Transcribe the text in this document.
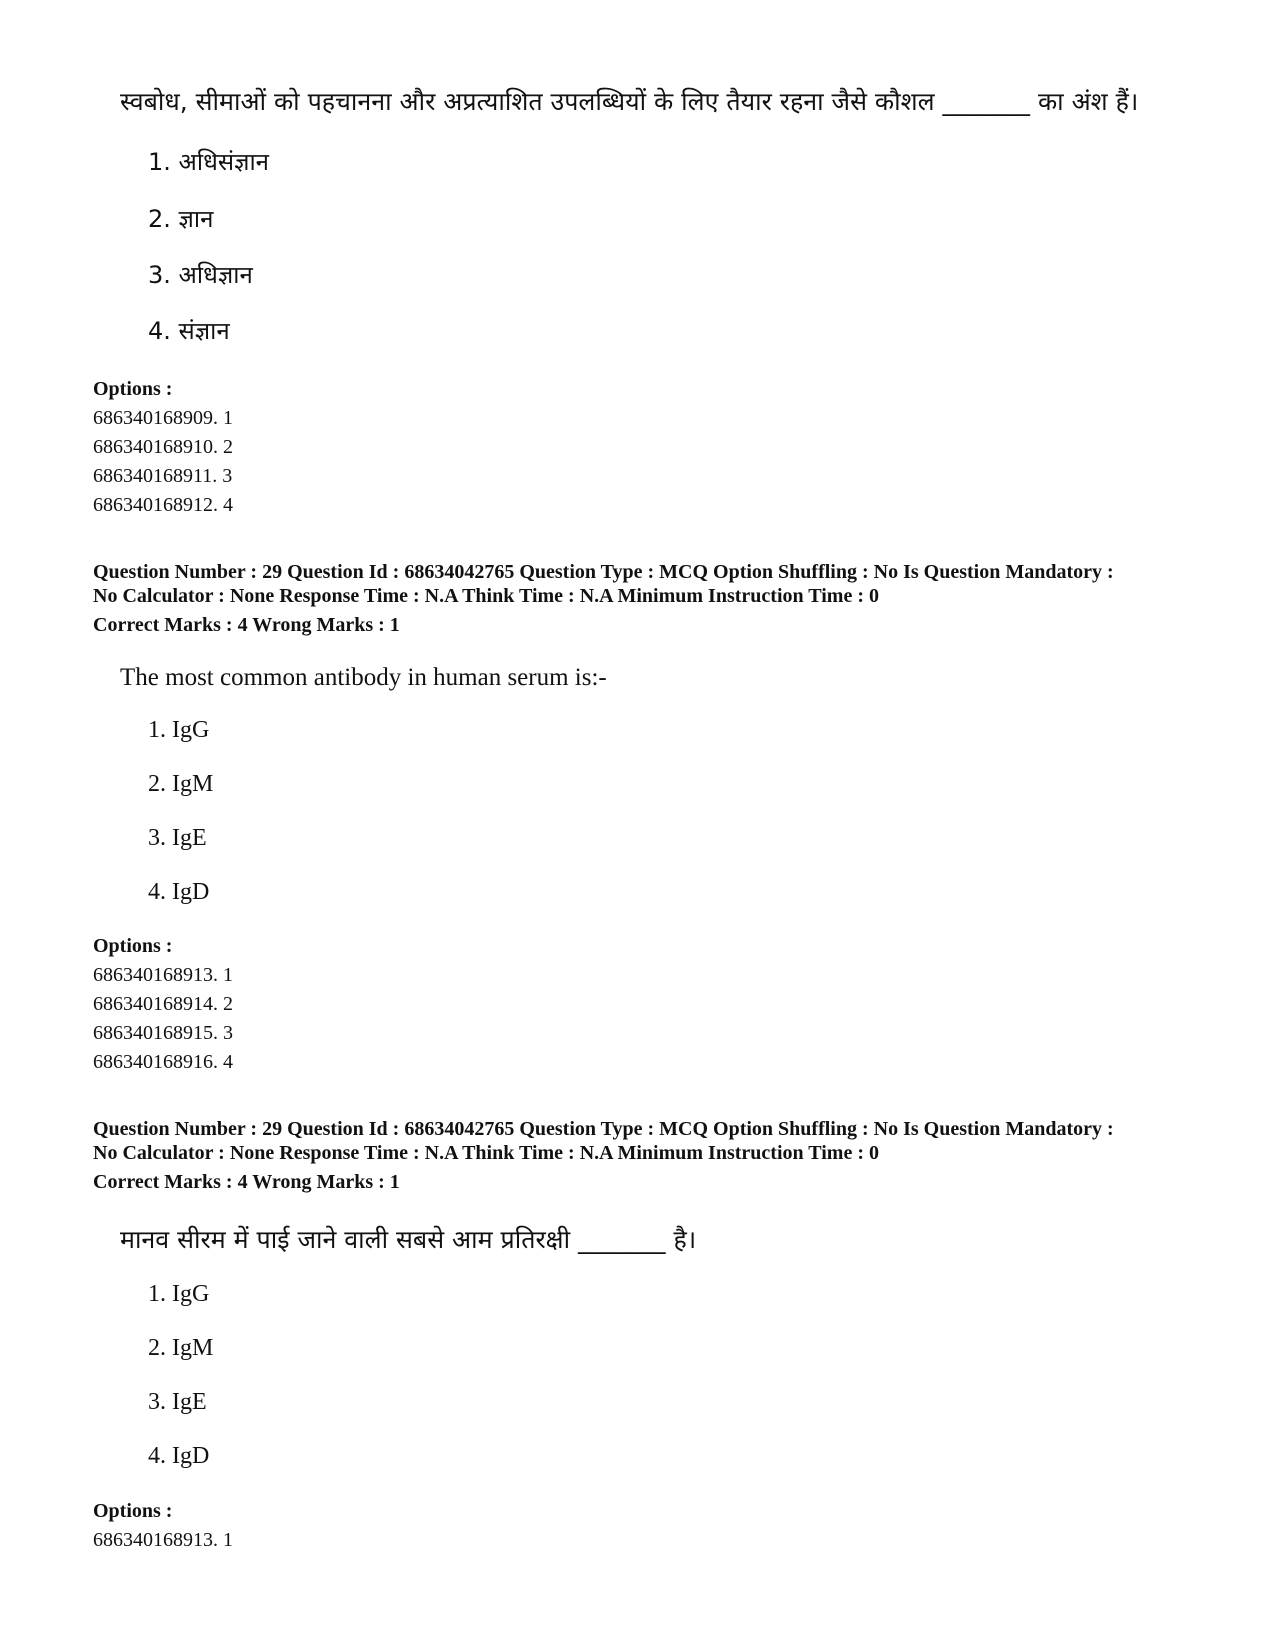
स्वबोध, सीमाओं को पहचानना और अप्रत्याशित उपलब्धियों के लिए तैयार रहना जैसे कौशल _______ का अंश हैं।
1. अधिसंज्ञान
2. ज्ञान
3. अधिज्ञान
4. संज्ञान
Options :
686340168909. 1
686340168910. 2
686340168911. 3
686340168912. 4
Question Number : 29 Question Id : 68634042765 Question Type : MCQ Option Shuffling : No Is Question Mandatory :
No Calculator : None Response Time : N.A Think Time : N.A Minimum Instruction Time : 0
Correct Marks : 4 Wrong Marks : 1
The most common antibody in human serum is:-
1. IgG
2. IgM
3. IgE
4. IgD
Options :
686340168913. 1
686340168914. 2
686340168915. 3
686340168916. 4
Question Number : 29 Question Id : 68634042765 Question Type : MCQ Option Shuffling : No Is Question Mandatory :
No Calculator : None Response Time : N.A Think Time : N.A Minimum Instruction Time : 0
Correct Marks : 4 Wrong Marks : 1
मानव सीरम में पाई जाने वाली सबसे आम प्रतिरक्षी _______ है।
1. IgG
2. IgM
3. IgE
4. IgD
Options :
686340168913. 1
